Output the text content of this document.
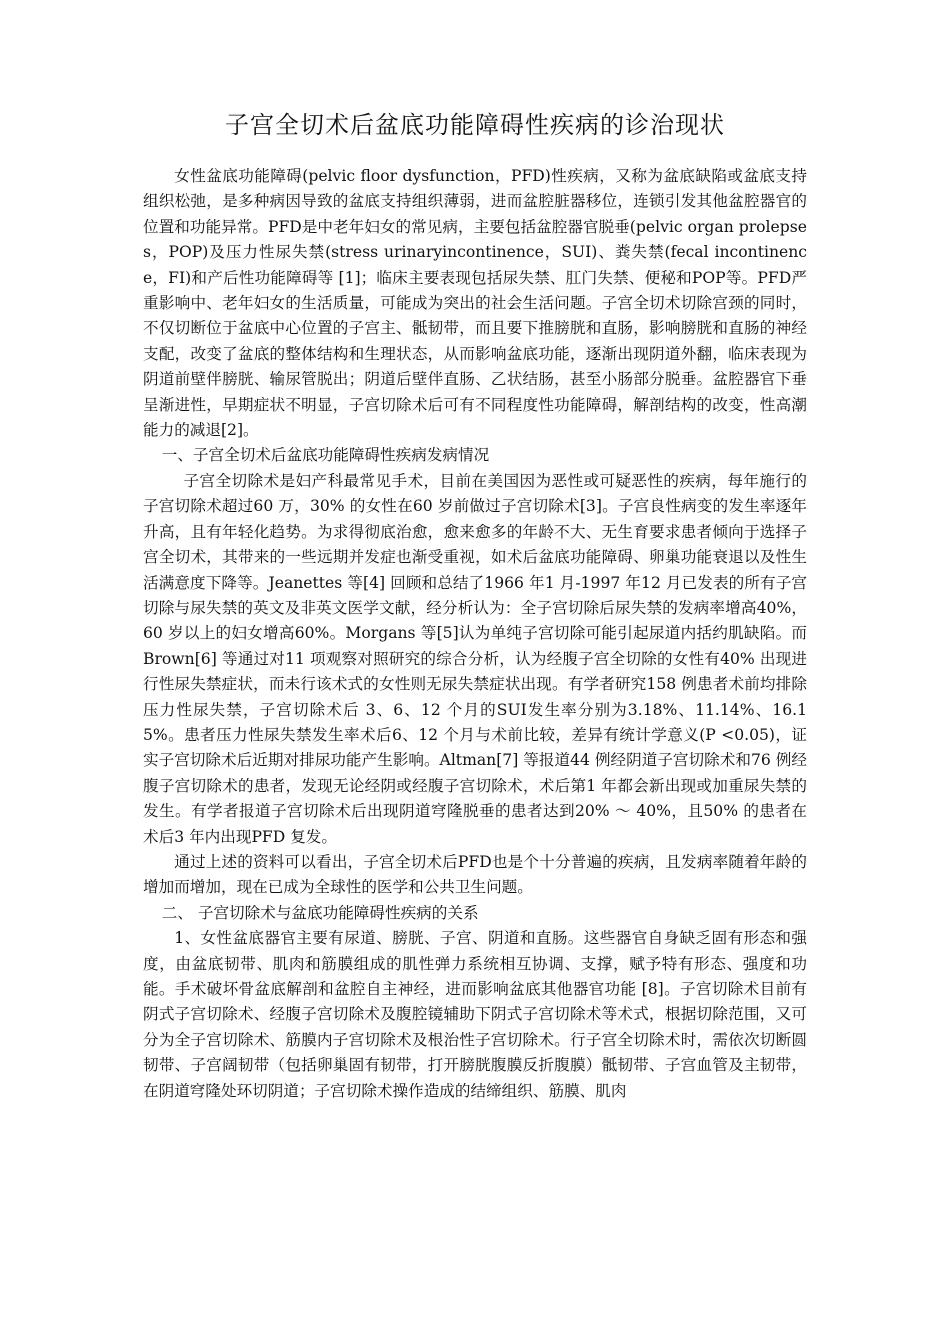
子宫全切术后盆底功能障碍性疾病的诊治现状

女性盆底功能障碍(pelvic floor dysfunction，PFD)性疾病，又称为盆底缺陷或盆底支持组织松弛，是多种病因导致的盆底支持组织薄弱，进而盆腔脏器移位，连锁引发其他盆腔器官的位置和功能异常。PFD是中老年妇女的常见病，主要包括盆腔器官脱垂(pelvic organ prolepses，POP)及压力性尿失禁(stress urinaryincontinence，SUI)、粪失禁(fecal incontinence，FI)和产后性功能障碍等 [1]；临床主要表现包括尿失禁、肛门失禁、便秘和POP等。PFD严重影响中、老年妇女的生活质量，可能成为突出的社会生活问题。子宫全切术切除宫颈的同时，不仅切断位于盆底中心位置的子宫主、骶韧带，而且要下推膀胱和直肠，影响膀胱和直肠的神经支配，改变了盆底的整体结构和生理状态，从而影响盆底功能，逐渐出现阴道外翻，临床表现为阴道前壁伴膀胱、输尿管脱出；阴道后壁伴直肠、乙状结肠，甚至小肠部分脱垂。盆腔器官下垂呈渐进性，早期症状不明显，子宫切除术后可有不同程度性功能障碍，解剖结构的改变，性高潮能力的减退[2]。

一、子宫全切术后盆底功能障碍性疾病发病情况

子宫全切除术是妇产科最常见手术，目前在美国因为恶性或可疑恶性的疾病，每年施行的子宫切除术超过60 万，30% 的女性在60 岁前做过子宫切除术[3]。子宫良性病变的发生率逐年升高，且有年轻化趋势。为求得彻底治愈，愈来愈多的年龄不大、无生育要求患者倾向于选择子宫全切术，其带来的一些远期并发症也渐受重视，如术后盆底功能障碍、卵巢功能衰退以及性生活满意度下降等。Jeanettes 等[4] 回顾和总结了1966 年1 月-1997 年12 月已发表的所有子宫切除与尿失禁的英文及非英文医学文献，经分析认为：全子宫切除后尿失禁的发病率增高40%，60 岁以上的妇女增高60%。Morgans 等[5]认为单纯子宫切除可能引起尿道内括约肌缺陷。而Brown[6] 等通过对11 项观察对照研究的综合分析，认为经腹子宫全切除的女性有40% 出现进行性尿失禁症状，而未行该术式的女性则无尿失禁症状出现。有学者研究158 例患者术前均排除压力性尿失禁，子宫切除术后 3、6、12 个月的SUI发生率分别为3.18%、11.14%、16.15%。患者压力性尿失禁发生率术后6、12 个月与术前比较，差异有统计学意义(P <0.05)，证实子宫切除术后近期对排尿功能产生影响。Altman[7] 等报道44 例经阴道子宫切除术和76 例经腹子宫切除术的患者，发现无论经阴或经腹子宫切除术，术后第1 年都会新出现或加重尿失禁的发生。有学者报道子宫切除术后出现阴道穹隆脱垂的患者达到20% ～ 40%，且50% 的患者在术后3 年内出现PFD 复发。

通过上述的资料可以看出，子宫全切术后PFD也是个十分普遍的疾病，且发病率随着年龄的增加而增加，现在已成为全球性的医学和公共卫生问题。

二、 子宫切除术与盆底功能障碍性疾病的关系

1、女性盆底器官主要有尿道、膀胱、子宫、阴道和直肠。这些器官自身缺乏固有形态和强度，由盆底韧带、肌肉和筋膜组成的肌性弹力系统相互协调、支撑，赋予特有形态、强度和功能。手术破坏骨盆底解剖和盆腔自主神经，进而影响盆底其他器官功能 [8]。子宫切除术目前有阴式子宫切除术、经腹子宫切除术及腹腔镜辅助下阴式子宫切除术等术式，根据切除范围，又可分为全子宫切除术、筋膜内子宫切除术及根治性子宫切除术。行子宫全切除术时，需依次切断圆韧带、子宫阔韧带（包括卵巢固有韧带，打开膀胱腹膜反折腹膜）骶韧带、子宫血管及主韧带，在阴道穹隆处环切阴道；子宫切除术操作造成的结缔组织、筋膜、肌肉
